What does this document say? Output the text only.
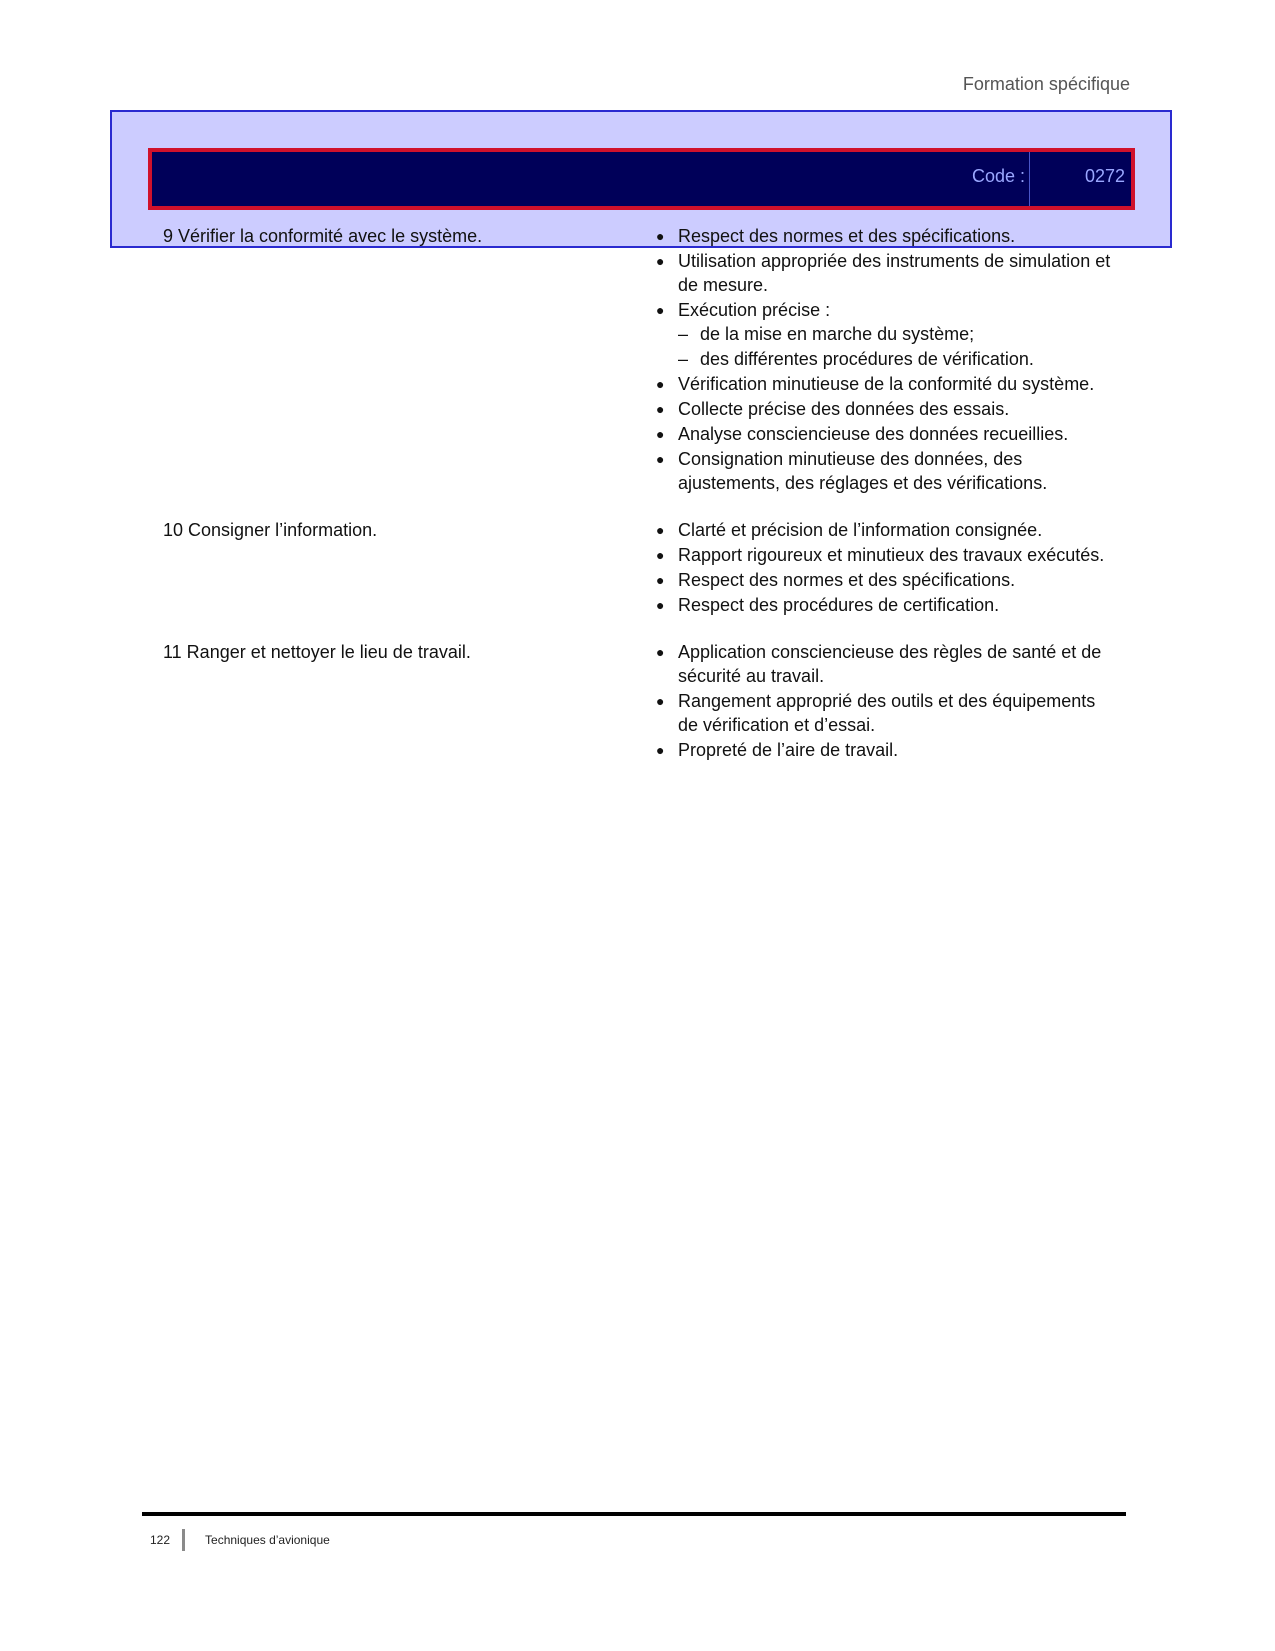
Formation spécifique
Code :	0272
9 Vérifier la conformité avec le système.	● Respect des normes et des spécifications.
● Utilisation appropriée des instruments de simulation et de mesure.
● Exécution précise :
– de la mise en marche du système;
– des différentes procédures de vérification.
● Vérification minutieuse de la conformité du système.
● Collecte précise des données des essais.
● Analyse consciencieuse des données recueillies.
● Consignation minutieuse des données, des ajustements, des réglages et des vérifications.
10 Consigner l’information.	● Clarté et précision de l’information consignée.
● Rapport rigoureux et minutieux des travaux exécutés.
● Respect des normes et des spécifications.
● Respect des procédures de certification.
11 Ranger et nettoyer le lieu de travail.	● Application consciencieuse des règles de santé et de sécurité au travail.
● Rangement approprié des outils et des équipements de vérification et d’essai.
● Propreté de l’aire de travail.
122	Techniques d’avionique
